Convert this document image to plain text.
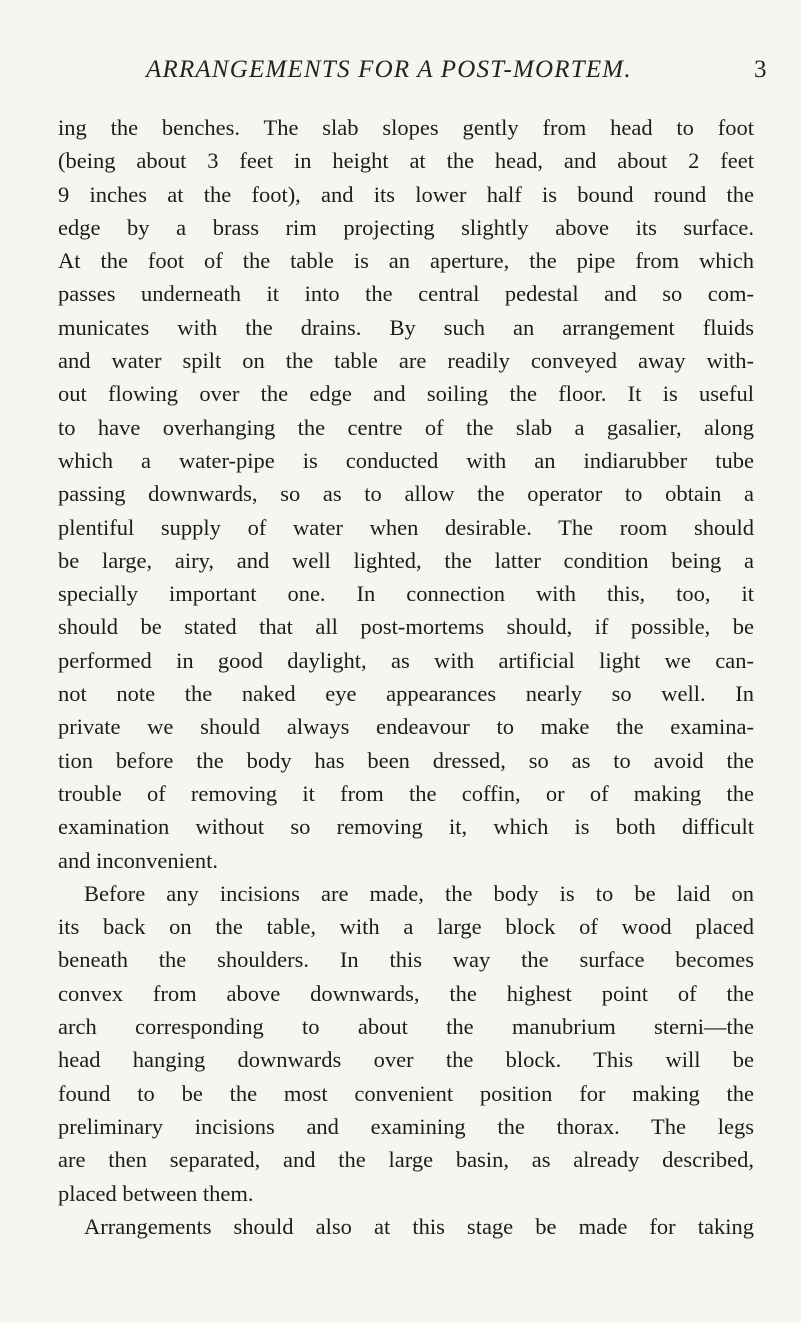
ARRANGEMENTS FOR A POST-MORTEM.	3
ing the benches. The slab slopes gently from head to foot
(being about 3 feet in height at the head, and about 2 feet
9 inches at the foot), and its lower half is bound round the
edge by a brass rim projecting slightly above its surface.
At the foot of the table is an aperture, the pipe from which
passes underneath it into the central pedestal and so com-
municates with the drains. By such an arrangement fluids
and water spilt on the table are readily conveyed away with-
out flowing over the edge and soiling the floor. It is useful
to have overhanging the centre of the slab a gasalier, along
which a water-pipe is conducted with an indiarubber tube
passing downwards, so as to allow the operator to obtain a
plentiful supply of water when desirable. The room should
be large, airy, and well lighted, the latter condition being a
specially important one. In connection with this, too, it
should be stated that all post-mortems should, if possible, be
performed in good daylight, as with artificial light we can-
not note the naked eye appearances nearly so well. In
private we should always endeavour to make the examina-
tion before the body has been dressed, so as to avoid the
trouble of removing it from the coffin, or of making the
examination without so removing it, which is both difficult
and inconvenient.
Before any incisions are made, the body is to be laid on
its back on the table, with a large block of wood placed
beneath the shoulders. In this way the surface becomes
convex from above downwards, the highest point of the
arch corresponding to about the manubrium sterni—the
head hanging downwards over the block. This will be
found to be the most convenient position for making the
preliminary incisions and examining the thorax. The legs
are then separated, and the large basin, as already described,
placed between them.
Arrangements should also at this stage be made for taking
